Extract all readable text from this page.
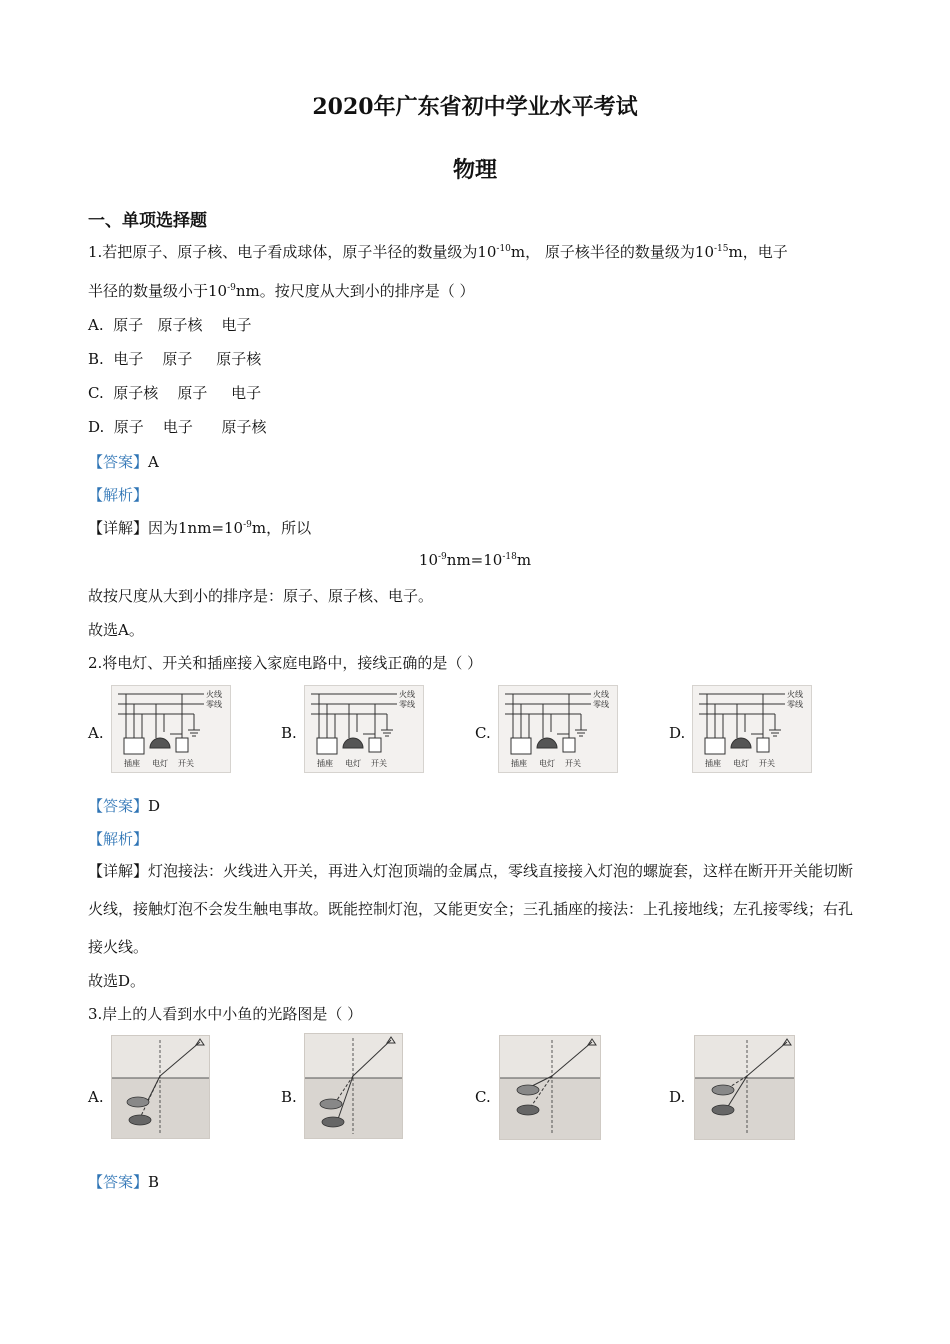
2020年广东省初中学业水平考试
物理
一、单项选择题
1.若把原子、原子核、电子看成球体，原子半径的数量级为$10^{-10}m$， 原子核半径的数量级为$10^{-15}m$，电子
半径的数量级小于$10^{-9}nm$。按尺度从大到小的排序是（ ）
A.  原子   原子核    电子
B.  电子    原子     原子核
C.  原子核    原子     电子
D.  原子    电子      原子核
【答案】A
【解析】
【详解】因为$1nm=10^{-9}m$，所以
$10^{-9}nm=10^{-18}m$
故按尺度从大到小的排序是：原子、原子核、电子。
故选A。
2.将电灯、开关和插座接入家庭电路中，接线正确的是（ ）
A.	B.	C.	D.
火线
零线
插座 电灯 开关
火线
零线
插座 电灯 开关
火线
零线
插座 电灯 开关
火线
零线
插座 电灯 开关
【答案】D
【解析】
【详解】灯泡接法：火线进入开关，再进入灯泡顶端的金属点，零线直接接入灯泡的螺旋套，这样在断开开关能切断火线，接触灯泡不会发生触电事故。既能控制灯泡，又能更安全；三孔插座的接法：上孔接地线；左孔接零线；右孔接火线。
故选D。
3.岸上的人看到水中小鱼的光路图是（ ）
A.	B.	C.	D.
【答案】B
